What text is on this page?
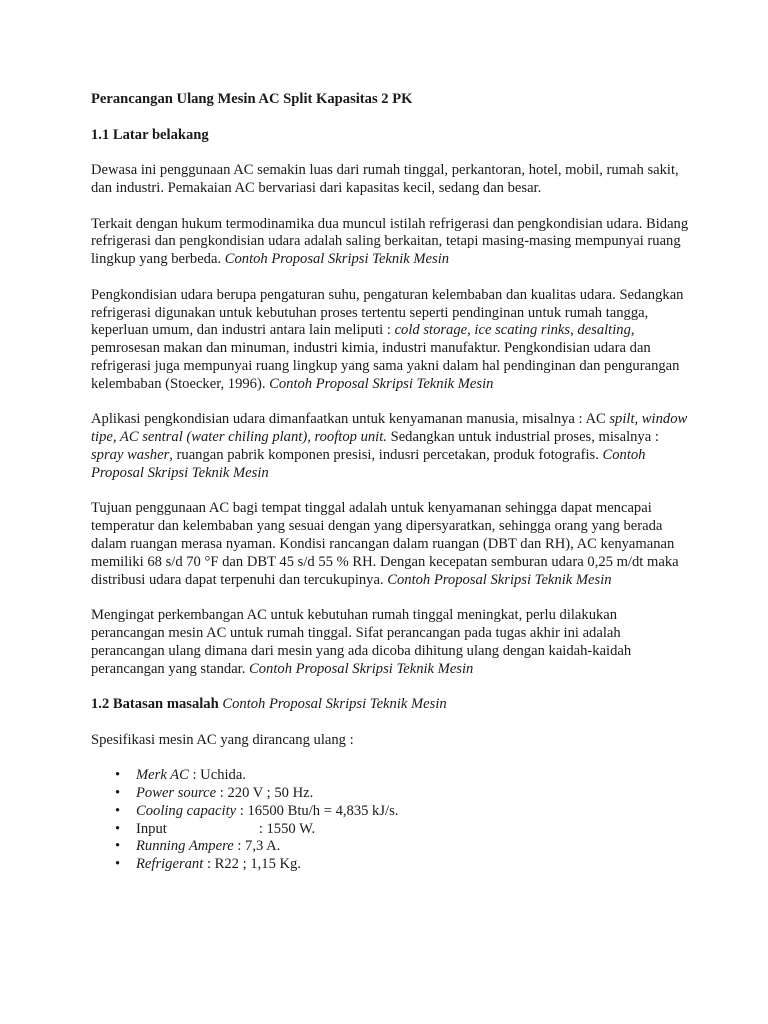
Perancangan Ulang Mesin AC Split Kapasitas 2 PK

1.1 Latar belakang

Dewasa ini penggunaan AC semakin luas dari rumah tinggal, perkantoran, hotel, mobil, rumah sakit, dan industri. Pemakaian AC bervariasi dari kapasitas kecil, sedang dan besar.

Terkait dengan hukum termodinamika dua muncul istilah refrigerasi dan pengkondisian udara. Bidang refrigerasi dan pengkondisian udara adalah saling berkaitan, tetapi masing-masing mempunyai ruang lingkup yang berbeda. Contoh Proposal Skripsi Teknik Mesin

Pengkondisian udara berupa pengaturan suhu, pengaturan kelembaban dan kualitas udara. Sedangkan refrigerasi digunakan untuk kebutuhan proses tertentu seperti pendinginan untuk rumah tangga, keperluan umum, dan industri antara lain meliputi : cold storage, ice scating rinks, desalting, pemrosesan makan dan minuman, industri kimia, industri manufaktur. Pengkondisian udara dan refrigerasi juga mempunyai ruang lingkup yang sama yakni dalam hal pendinginan dan pengurangan kelembaban (Stoecker, 1996). Contoh Proposal Skripsi Teknik Mesin

Aplikasi pengkondisian udara dimanfaatkan untuk kenyamanan manusia, misalnya : AC spilt, window tipe, AC sentral (water chiling plant), rooftop unit. Sedangkan untuk industrial proses, misalnya : spray washer, ruangan pabrik komponen presisi, indusri percetakan, produk fotografis. Contoh Proposal Skripsi Teknik Mesin

Tujuan penggunaan AC bagi tempat tinggal adalah untuk kenyamanan sehingga dapat mencapai temperatur dan kelembaban yang sesuai dengan yang dipersyaratkan, sehingga orang yang berada dalam ruangan merasa nyaman. Kondisi rancangan dalam ruangan (DBT dan RH), AC kenyamanan memiliki 68 s/d 70 °F dan DBT 45 s/d 55 % RH. Dengan kecepatan semburan udara 0,25 m/dt maka distribusi udara dapat terpenuhi dan tercukupinya. Contoh Proposal Skripsi Teknik Mesin

Mengingat perkembangan AC untuk kebutuhan rumah tinggal meningkat, perlu dilakukan perancangan mesin AC untuk rumah tinggal. Sifat perancangan pada tugas akhir ini adalah perancangan ulang dimana dari mesin yang ada dicoba dihitung ulang dengan kaidah-kaidah perancangan yang standar. Contoh Proposal Skripsi Teknik Mesin

1.2 Batasan masalah Contoh Proposal Skripsi Teknik Mesin

Spesifikasi mesin AC yang dirancang ulang :

• Merk AC : Uchida.
• Power source : 220 V ; 50 Hz.
• Cooling capacity : 16500 Btu/h = 4,835 kJ/s.
• Input	: 1550 W.
• Running Ampere : 7,3 A.
• Refrigerant : R22 ; 1,15 Kg.
